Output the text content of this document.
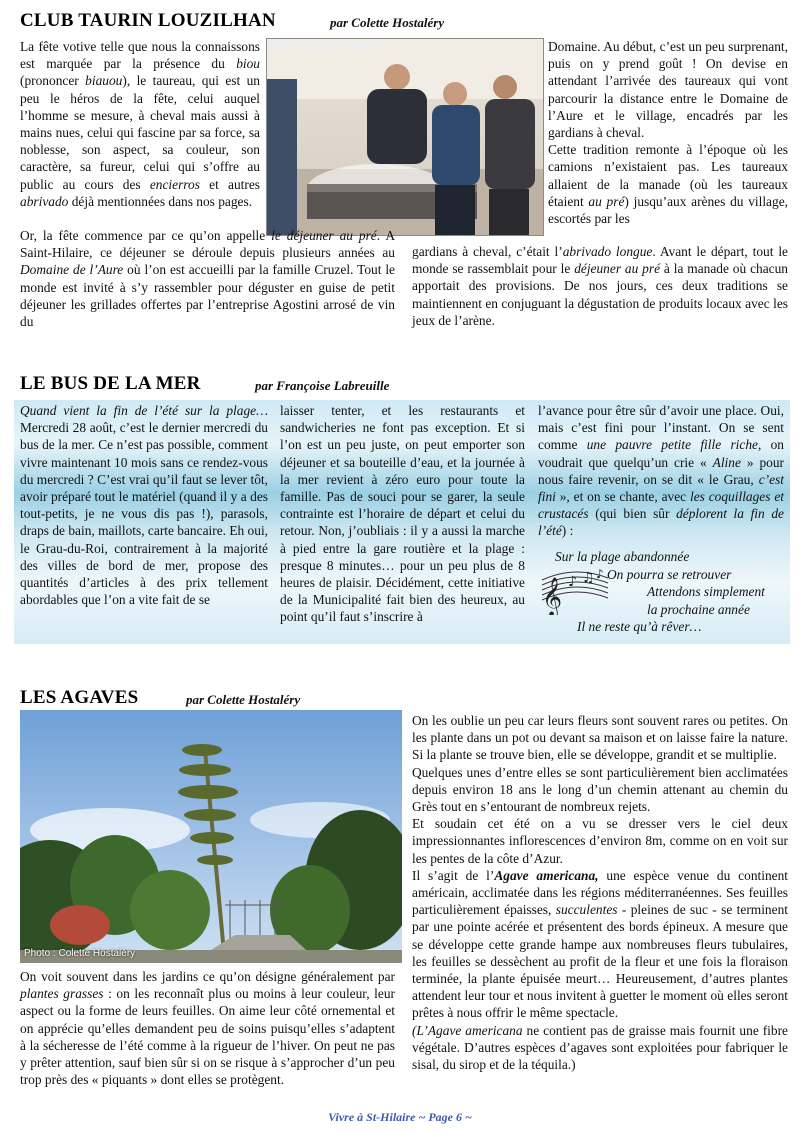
CLUB TAURIN LOUZILHAN	par Colette Hostaléry
Photo : Colette Hostaléry
La fête votive telle que nous la connaissons est marquée par la présence du biou (prononcer biauou), le taureau, qui est un peu le héros de la fête, celui auquel l’homme se mesure, à cheval mais aussi à mains nues, celui qui fascine par sa force, sa noblesse, son aspect, sa couleur, son caractère, sa fureur, celui qui s’offre au public au cours des encierros et autres abrivado déjà mentionnées dans nos pages.
Or, la fête commence par ce qu’on appelle le déjeuner au pré. A Saint-Hilaire, ce déjeuner se déroule depuis plusieurs années au Domaine de l’Aure où l’on est accueilli par la famille Cruzel. Tout le monde est invité à s’y rassembler pour déguster en guise de petit déjeuner les grillades offertes par l’entreprise Agostini arrosé de vin du
Domaine. Au début, c’est un peu surprenant, puis on y prend goût ! On devise en attendant l’arrivée des taureaux qui vont parcourir la distance entre le Domaine de l’Aure et le village, encadrés par les gardians à cheval.
Cette tradition remonte à l’époque où les camions n’existaient pas. Les taureaux allaient de la manade (où les taureaux étaient au pré) jusqu’aux arènes du village, escortés par les
gardians à cheval, c’était l’abrivado longue. Avant le départ, tout le monde se rassemblait pour le déjeuner au pré à la manade où chacun apportait des provisions. De nos jours, ces deux traditions se maintiennent en conjuguant la dégustation de produits locaux avec les jeux de l’arène.
LE BUS DE LA MER	par Françoise Labreuille
Quand vient la fin de l’été sur la plage… Mercredi 28 août, c’est le dernier mercredi du bus de la mer. Ce n’est pas possible, comment vivre maintenant 10 mois sans ce rendez-vous du mercredi ? C’est vrai qu’il faut se lever tôt, avoir préparé tout le matériel (quand il y a des tout-petits, je ne vous dis pas !), parasols, draps de bain, maillots, carte bancaire. Eh oui, le Grau-du-Roi, contrairement à la majorité des villes de bord de mer, propose des quantités d’articles à des prix tellement abordables que l’on a vite fait de se
laisser tenter, et les restaurants et sandwicheries ne font pas exception. Et si l’on est un peu juste, on peut emporter son déjeuner et sa bouteille d’eau, et la journée à la mer revient à zéro euro pour toute la famille. Pas de souci pour se garer, la seule contrainte est l’horaire de départ et celui du retour. Non, j’oubliais : il y a aussi la marche à pied entre la gare routière et la plage : presque 8 minutes… pour un peu plus de 8 heures de plaisir. Décidément, cette initiative de la Municipalité fait bien des heureux, au point qu’il faut s’inscrire à
l’avance pour être sûr d’avoir une place. Oui, mais c’est fini pour l’instant. On se sent comme une pauvre petite fille riche, on voudrait que quelqu’un crie « Aline » pour nous faire revenir, on se dit « le Grau, c’est fini », et on se chante, avec les coquillages et crustacés (qui bien sûr déplorent la fin de l’été) :
𝄞 ♪ ♫ ♪
Sur la plage abandonnée
On pourra se retrouver
Attendons simplement
la prochaine année
Il ne reste qu’à rêver…
LES AGAVES	par Colette Hostaléry
Photo : Colette Hostaléry
On voit souvent dans les jardins ce qu’on désigne généralement par plantes grasses : on les reconnaît plus ou moins à leur couleur, leur aspect ou la forme de leurs feuilles. On aime leur côté ornemental et on apprécie qu’elles demandent peu de soins puisqu’elles s’adaptent à la sécheresse de l’été comme à la rigueur de l’hiver. On peut ne pas y prêter attention, sauf bien sûr si on se risque à s’approcher d’un peu trop près des « piquants » dont elles se protègent.

On les oublie un peu car leurs fleurs sont souvent rares ou petites. On les plante dans un pot ou devant sa maison et on laisse faire la nature. Si la plante se trouve bien, elle se développe, grandit et se multiplie.

Quelques unes d’entre elles se sont particulièrement bien acclimatées depuis environ 18 ans le long d’un chemin attenant au chemin du Grès tout en s’entourant de nombreux rejets.

Et soudain cet été on a vu se dresser vers le ciel deux impressionnantes inflorescences d’environ 8m, comme on en voit sur les pentes de la côte d’Azur.

Il s’agit de l’Agave americana, une espèce venue du continent américain, acclimatée dans les régions méditerranéennes. Ses feuilles particulièrement épaisses, succulentes - pleines de suc - se terminent par une pointe acérée et présentent des bords épineux. A mesure que se développe cette grande hampe aux nombreuses fleurs tubulaires, les feuilles se dessèchent au profit de la fleur et une fois la floraison terminée, la plante épuisée meurt… Heureusement, d’autres plantes attendent leur tour et nous invitent à guetter le moment où elles seront prêtes à nous offrir le même spectacle.

(L’Agave americana ne contient pas de graisse mais fournit une fibre végétale. D’autres espèces d’agaves sont exploitées pour fabriquer le sisal, du sirop et de la téquila.)

Vivre à St-Hilaire ~ Page 6 ~
